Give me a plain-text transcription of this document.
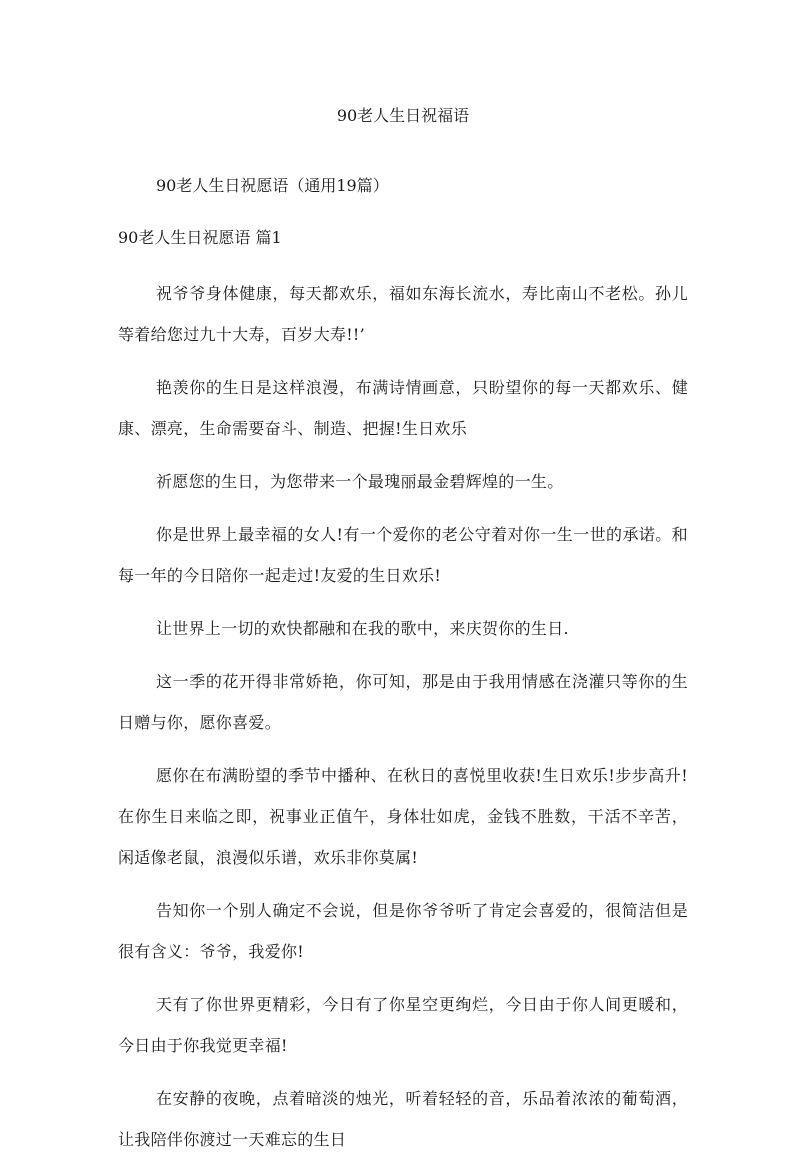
90老人生日祝福语

90老人生日祝愿语（通用19篇）

90老人生日祝愿语 篇1

祝爷爷身体健康，每天都欢乐，福如东海长流水，寿比南山不老松。孙儿等着给您过九十大寿，百岁大寿!!’

艳羡你的生日是这样浪漫，布满诗情画意，只盼望你的每一天都欢乐、健康、漂亮，生命需要奋斗、制造、把握!生日欢乐

祈愿您的生日，为您带来一个最瑰丽最金碧辉煌的一生。

你是世界上最幸福的女人!有一个爱你的老公守着对你一生一世的承诺。和每一年的今日陪你一起走过!友爱的生日欢乐!

让世界上一切的欢快都融和在我的歌中，来庆贺你的生日.

这一季的花开得非常娇艳，你可知，那是由于我用情感在浇灌只等你的生日赠与你，愿你喜爱。

愿你在布满盼望的季节中播种、在秋日的喜悦里收获!生日欢乐!步步高升!在你生日来临之即，祝事业正值午，身体壮如虎，金钱不胜数，干活不辛苦，闲适像老鼠，浪漫似乐谱，欢乐非你莫属!

告知你一个别人确定不会说，但是你爷爷听了肯定会喜爱的，很简洁但是很有含义：爷爷，我爱你!

天有了你世界更精彩，今日有了你星空更绚烂，今日由于你人间更暖和，今日由于你我觉更幸福!

在安静的夜晚，点着暗淡的烛光，听着轻轻的音，乐品着浓浓的葡萄酒，让我陪伴你渡过一天难忘的生日
